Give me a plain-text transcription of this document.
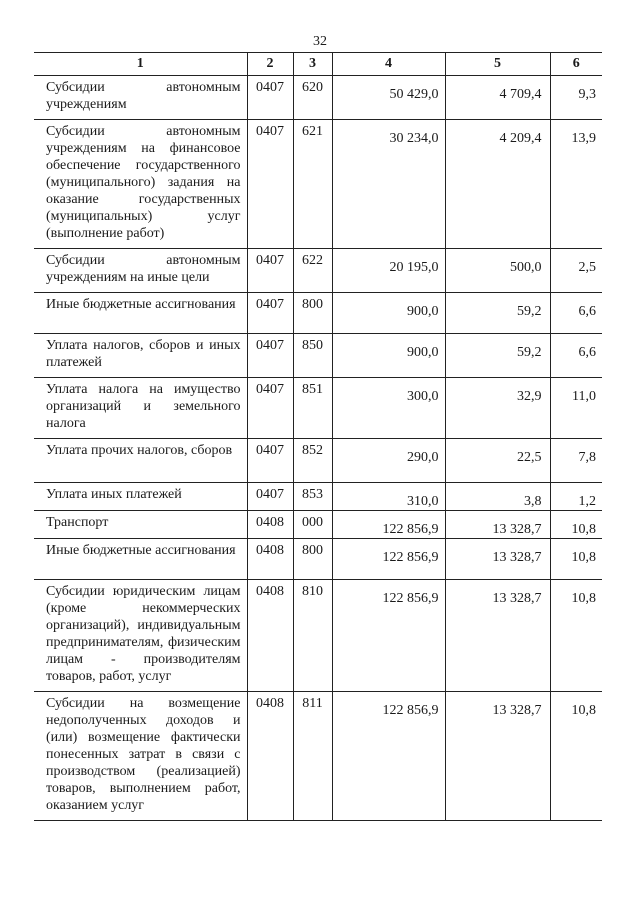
32
1	2	3	4	5	6
Субсидии автономным учреждениям	0407	620	50 429,0	4 709,4	9,3
Субсидии автономным учреждениям на финансовое обеспечение государственного (муниципального) задания на оказание государственных (муниципальных) услуг (выполнение работ)	0407	621	30 234,0	4 209,4	13,9
Субсидии автономным учреждениям на иные цели	0407	622	20 195,0	500,0	2,5
Иные бюджетные ассигнования	0407	800	900,0	59,2	6,6
Уплата налогов, сборов и иных платежей	0407	850	900,0	59,2	6,6
Уплата налога на имущество организаций и земельного налога	0407	851	300,0	32,9	11,0
Уплата прочих налогов, сборов	0407	852	290,0	22,5	7,8
Уплата иных платежей	0407	853	310,0	3,8	1,2
Транспорт	0408	000	122 856,9	13 328,7	10,8
Иные бюджетные ассигнования	0408	800	122 856,9	13 328,7	10,8
Субсидии юридическим лицам (кроме некоммерческих организаций), индивидуальным предпринимателям, физическим лицам - производителям товаров, работ, услуг	0408	810	122 856,9	13 328,7	10,8
Субсидии на возмещение недополученных доходов и (или) возмещение фактически понесенных затрат в связи с производством (реализацией) товаров, выполнением работ, оказанием услуг	0408	811	122 856,9	13 328,7	10,8
